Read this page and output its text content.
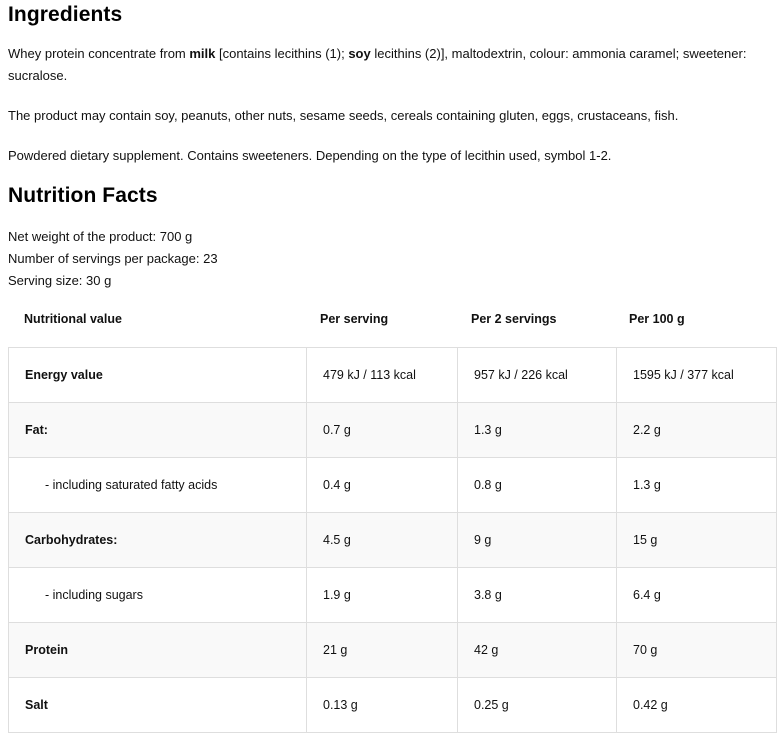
Ingredients
Whey protein concentrate from milk [contains lecithins (1); soy lecithins (2)], maltodextrin, colour: ammonia caramel; sweetener: sucralose.
The product may contain soy, peanuts, other nuts, sesame seeds, cereals containing gluten, eggs, crustaceans, fish.
Powdered dietary supplement. Contains sweeteners. Depending on the type of lecithin used, symbol 1-2.
Nutrition Facts
Net weight of the product: 700 g
Number of servings per package: 23
Serving size: 30 g
Nutritional value	Per serving	Per 2 servings	Per 100 g
Energy value	479 kJ / 113 kcal	957 kJ / 226 kcal	1595 kJ / 377 kcal
Fat:	0.7 g	1.3 g	2.2 g
- including saturated fatty acids	0.4 g	0.8 g	1.3 g
Carbohydrates:	4.5 g	9 g	15 g
- including sugars	1.9 g	3.8 g	6.4 g
Protein	21 g	42 g	70 g
Salt	0.13 g	0.25 g	0.42 g
